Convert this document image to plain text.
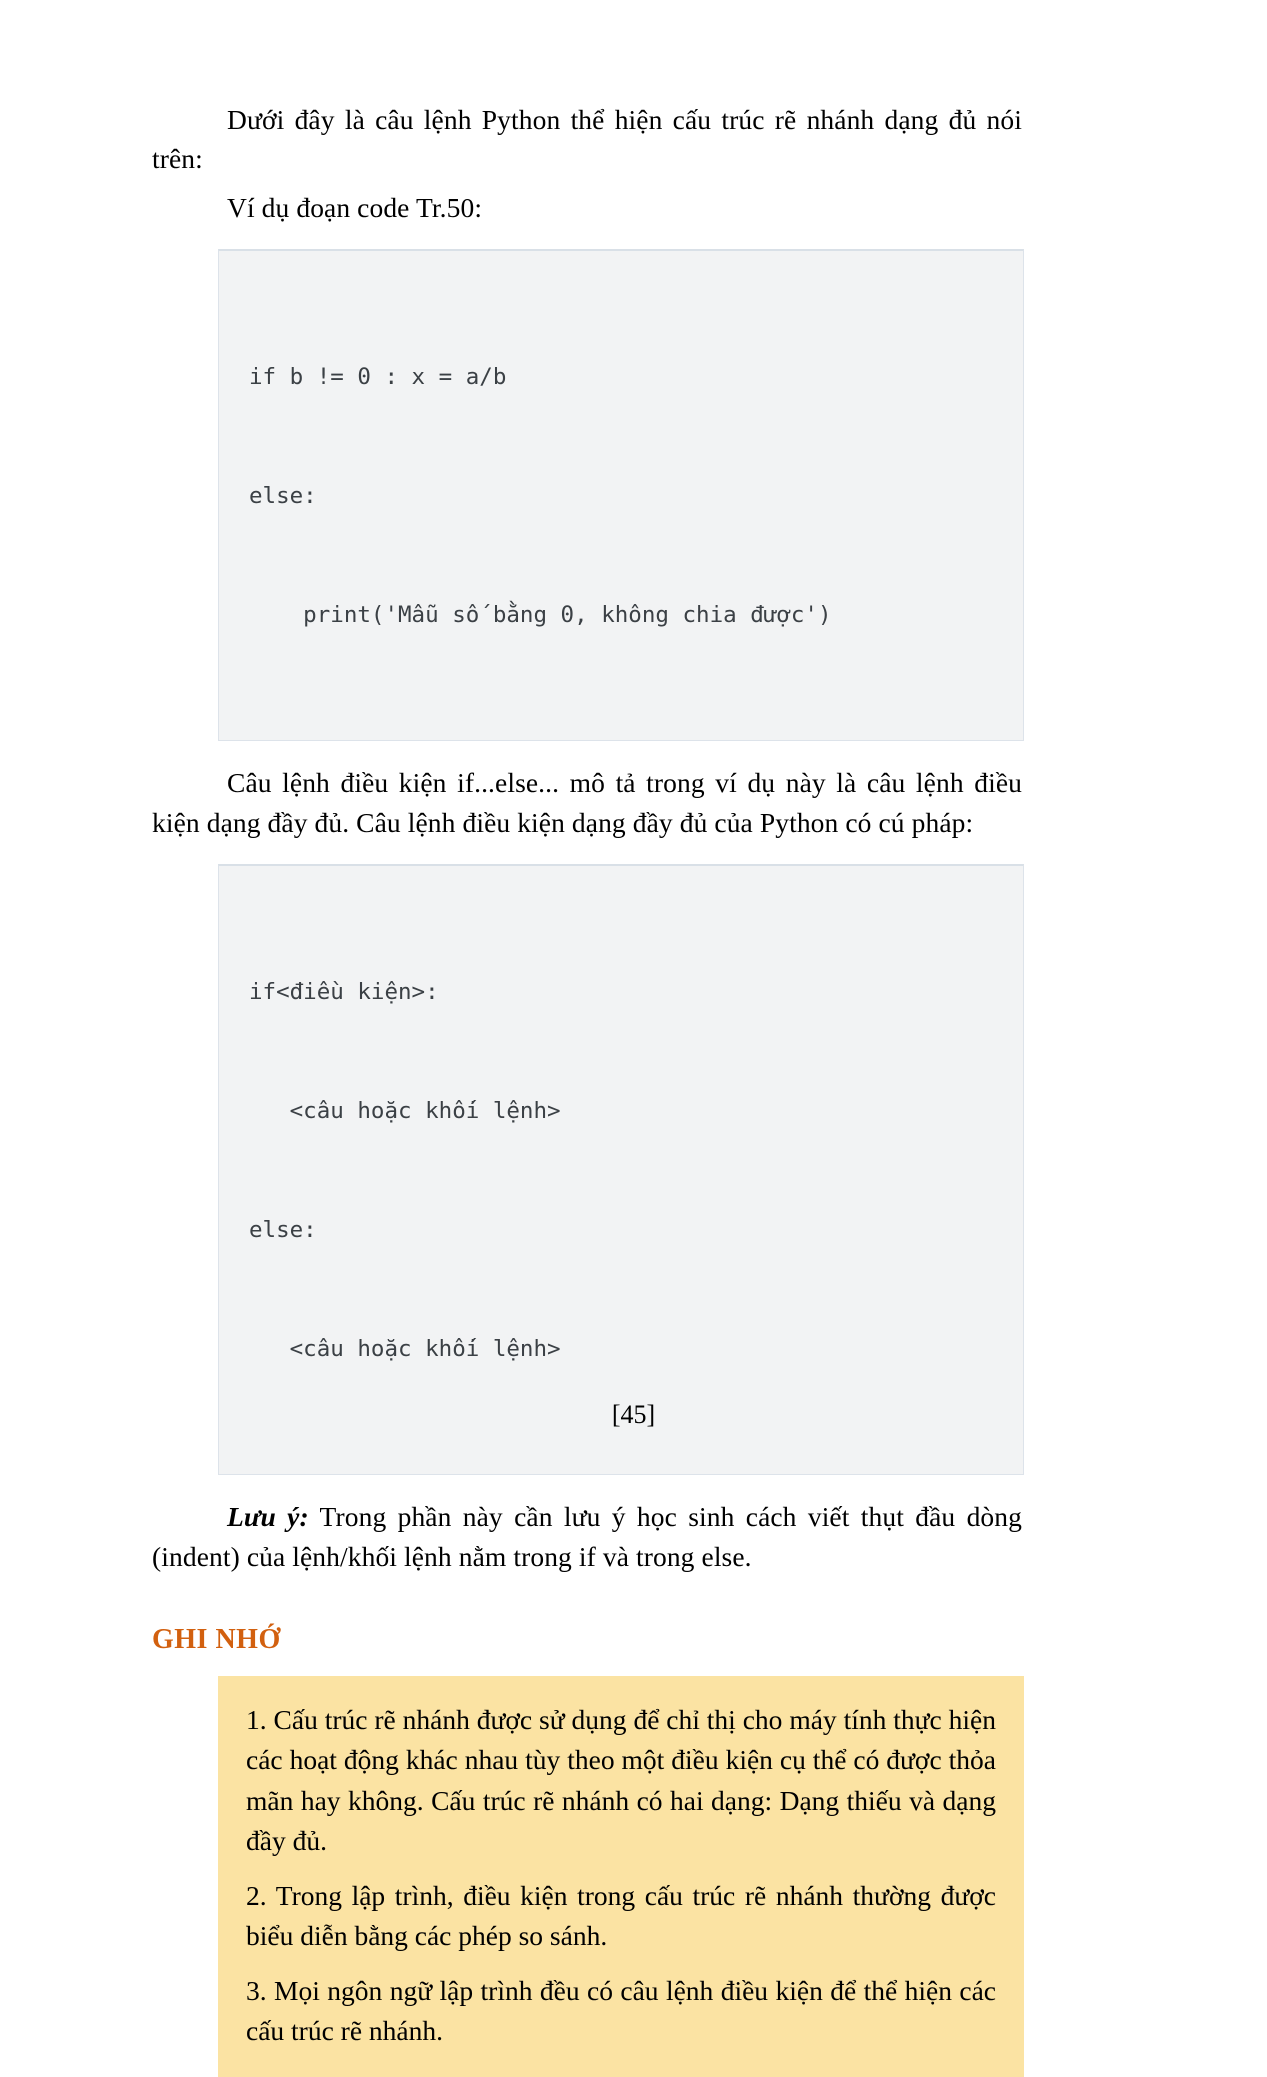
Dưới đây là câu lệnh Python thể hiện cấu trúc rẽ nhánh dạng đủ nói trên:

Ví dụ đoạn code Tr.50:

if b != 0 : x = a/b

else:

print('Mẫu số bằng 0, không chia được')

Câu lệnh điều kiện if...else... mô tả trong ví dụ này là câu lệnh điều kiện dạng đầy đủ. Câu lệnh điều kiện dạng đầy đủ của Python có cú pháp:

if<điều kiện>:

<câu hoặc khối lệnh>

else:

<câu hoặc khối lệnh>

Lưu ý: Trong phần này cần lưu ý học sinh cách viết thụt đầu dòng (indent) của lệnh/khối lệnh nằm trong if và trong else.

GHI NHỚ

1. Cấu trúc rẽ nhánh được sử dụng để chỉ thị cho máy tính thực hiện các hoạt động khác nhau tùy theo một điều kiện cụ thể có được thỏa mãn hay không. Cấu trúc rẽ nhánh có hai dạng: Dạng thiếu và dạng đầy đủ.

2. Trong lập trình, điều kiện trong cấu trúc rẽ nhánh thường được biểu diễn bằng các phép so sánh.

3. Mọi ngôn ngữ lập trình đều có câu lệnh điều kiện để thể hiện các cấu trúc rẽ nhánh.

[45]
